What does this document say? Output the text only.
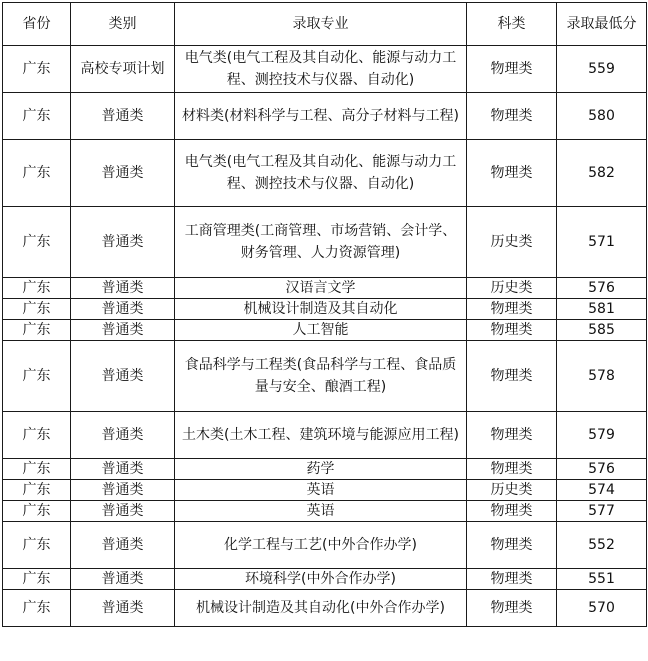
省份	类别	录取专业	科类	录取最低分
广东	高校专项计划	电气类(电气工程及其自动化、能源与动力工程、测控技术与仪器、自动化)	物理类	559
广东	普通类	材料类(材料科学与工程、高分子材料与工程)	物理类	580
广东	普通类	电气类(电气工程及其自动化、能源与动力工程、测控技术与仪器、自动化)	物理类	582
广东	普通类	工商管理类(工商管理、市场营销、会计学、财务管理、人力资源管理)	历史类	571
广东	普通类	汉语言文学	历史类	576
广东	普通类	机械设计制造及其自动化	物理类	581
广东	普通类	人工智能	物理类	585
广东	普通类	食品科学与工程类(食品科学与工程、食品质量与安全、酿酒工程)	物理类	578
广东	普通类	土木类(土木工程、建筑环境与能源应用工程)	物理类	579
广东	普通类	药学	物理类	576
广东	普通类	英语	历史类	574
广东	普通类	英语	物理类	577
广东	普通类	化学工程与工艺(中外合作办学)	物理类	552
广东	普通类	环境科学(中外合作办学)	物理类	551
广东	普通类	机械设计制造及其自动化(中外合作办学)	物理类	570
